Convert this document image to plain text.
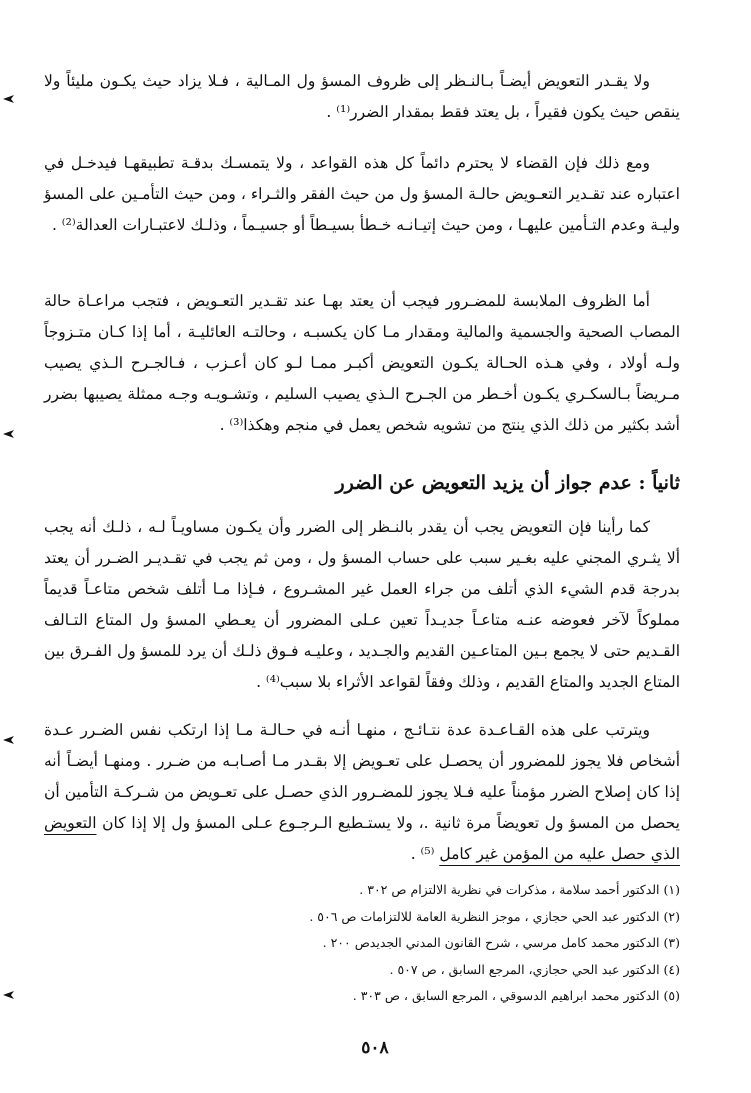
ولا يقـدر التعويض أيضـاً بـالنـظر إلى ظروف المسؤ ول المـالية ، فـلا يزاد حيث يكـون مليئاً ولا ينقص حيث يكون فقيراً ، بل يعتد فقط بمقدار الضرر⁽¹⁾ .

ومع ذلك فإن القضاء لا يحترم دائماً كل هذه القواعد ، ولا يتمسـك بدقـة تطبيقهـا فيدخـل في اعتباره عند تقـدير التعـويض حالـة المسؤ ول من حيث الفقر والثـراء ، ومن حيث التأمـين على المسؤ وليـة وعدم التـأمين عليهـا ، ومن حيث إتيـانـه خـطأ بسيـطاً أو جسيـماً ، وذلـك لاعتبـارات العدالة⁽²⁾ .

أما الظروف الملابسة للمضـرور فيجب أن يعتد بهـا عند تقـدير التعـويض ، فتجب مراعـاة حالة المصاب الصحية والجسمية والمالية ومقدار مـا كان يكسبـه ، وحالتـه العائليـة ، أما إذا كـان متـزوجاً ولـه أولاد ، وفي هـذه الحـالة يكـون التعويض أكبـر ممـا لـو كان أعـزب ، فـالجـرح الـذي يصيب مـريضاً بـالسكـري يكـون أخـطر من الجـرح الـذي يصيب السليم ، وتشـويـه وجـه ممثلة يصيبها بضرر أشد بكثير من ذلك الذي ينتج من تشويه شخص يعمل في منجم وهكذا⁽³⁾ .

ثانياً : عدم جواز أن يزيد التعويض عن الضرر

كما رأينا فإن التعويض يجب أن يقدر بالنـظر إلى الضرر وأن يكـون مساويـاً لـه ، ذلـك أنه يجب ألا يثـري المجني عليه بغـير سبب على حساب المسؤ ول ، ومن ثم يجب في تقـديـر الضـرر أن يعتد بدرجة قدم الشيء الذي أتلف من جراء العمل غير المشـروع ، فـإذا مـا أتلف شخص متاعـاً قديماً مملوكاً لآخر فعوضه عنـه متاعـاً جديـداً تعين عـلى المضرور أن يعـطي المسؤ ول المتاع التـالف القـديم حتى لا يجمع بـين المتاعـين القديم والجـديد ، وعليـه فـوق ذلـك أن يرد للمسؤ ول الفـرق بين المتاع الجديد والمتاع القديم ، وذلك وفقاً لقواعد الأثراء بلا سبب⁽⁴⁾ .

ويترتب على هذه القـاعـدة عدة نتـائـج ، منهـا أنـه في حـالـة مـا إذا ارتكب نفس الضـرر عـدة أشخاص فلا يجوز للمضرور أن يحصـل على تعـويض إلا بقـدر مـا أصـابـه من ضـرر . ومنهـا أيضـاً أنه إذا كان إصلاح الضرر مؤمناً عليه فـلا يجوز للمضـرور الذي حصـل على تعـويض من شـركـة التأمين أن يحصل من المسؤ ول تعويضاً مرة ثانية .، ولا يستـطيع الـرجـوع عـلى المسؤ ول إلا إذا كان التعويض الذي حصل عليه من المؤمن غير كامل ⁽⁵⁾ .

(١) الدكتور أحمد سلامة ، مذكرات في نظرية الالتزام ص ٣٠٢ .
(٢) الدكتور عبد الحي حجازي ، موجز النظرية العامة للالتزامات ص ٥٠٦ .
(٣) الدكتور محمد كامل مرسي ، شرح القانون المدني الجديدص ٢٠٠ .
(٤) الدكتور عبد الحي حجازي، المرجع السابق ، ص ٥٠٧ .
(٥) الدكتور محمد ابراهيم الدسوقي ، المرجع السابق ، ص ٣٠٣ .
٥٠٨
